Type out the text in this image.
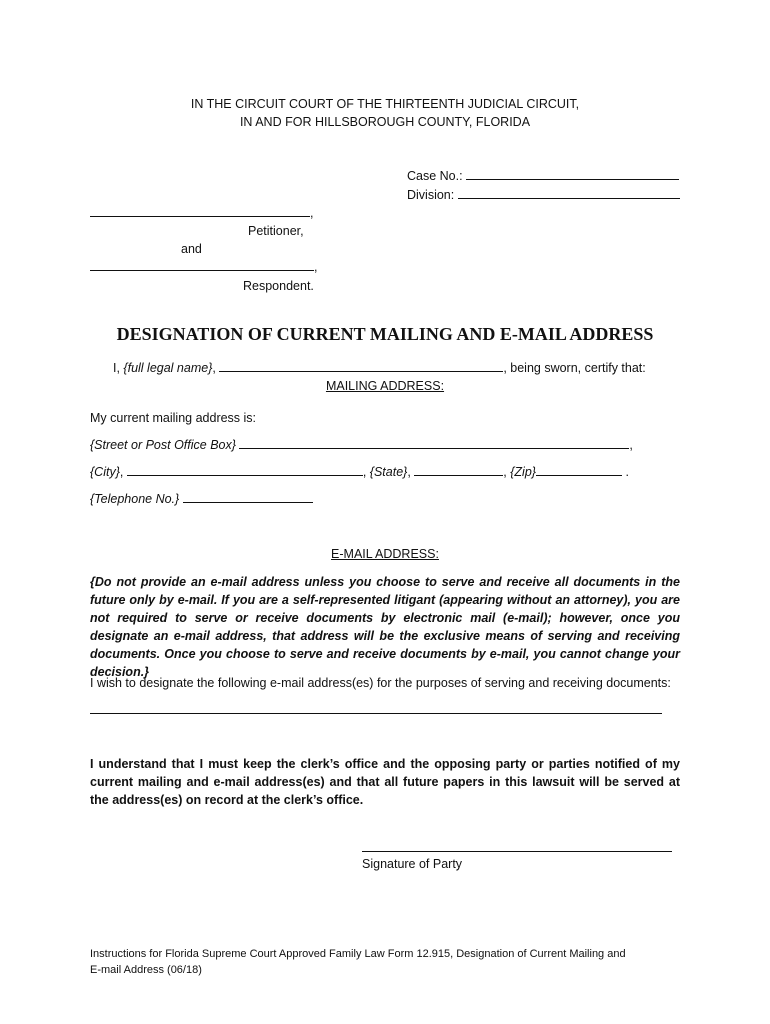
IN THE CIRCUIT COURT OF THE THIRTEENTH JUDICIAL CIRCUIT,
IN AND FOR HILLSBOROUGH COUNTY, FLORIDA
Case No.:
Division:
,
Petitioner,
and
,
Respondent.
DESIGNATION OF CURRENT MAILING AND E-MAIL ADDRESS
I, {full legal name},	, being sworn, certify that:
MAILING ADDRESS:
My current mailing address is:
{Street or Post Office Box}	,
{City},	, {State},	, {Zip}	.
{Telephone No.}
E-MAIL ADDRESS:
{Do not provide an e-mail address unless you choose to serve and receive all documents in the future only by e-mail. If you are a self-represented litigant (appearing without an attorney), you are not required to serve or receive documents by electronic mail (e-mail); however, once you designate an e-mail address, that address will be the exclusive means of serving and receiving documents. Once you choose to serve and receive documents by e-mail, you cannot change your decision.}
I wish to designate the following e-mail address(es) for the purposes of serving and receiving documents:
I understand that I must keep the clerk’s office and the opposing party or parties notified of my current mailing and e-mail address(es) and that all future papers in this lawsuit will be served at the address(es) on record at the clerk’s office.
Signature of Party
Instructions for Florida Supreme Court Approved Family Law Form 12.915, Designation of Current Mailing and
E-mail Address (06/18)
